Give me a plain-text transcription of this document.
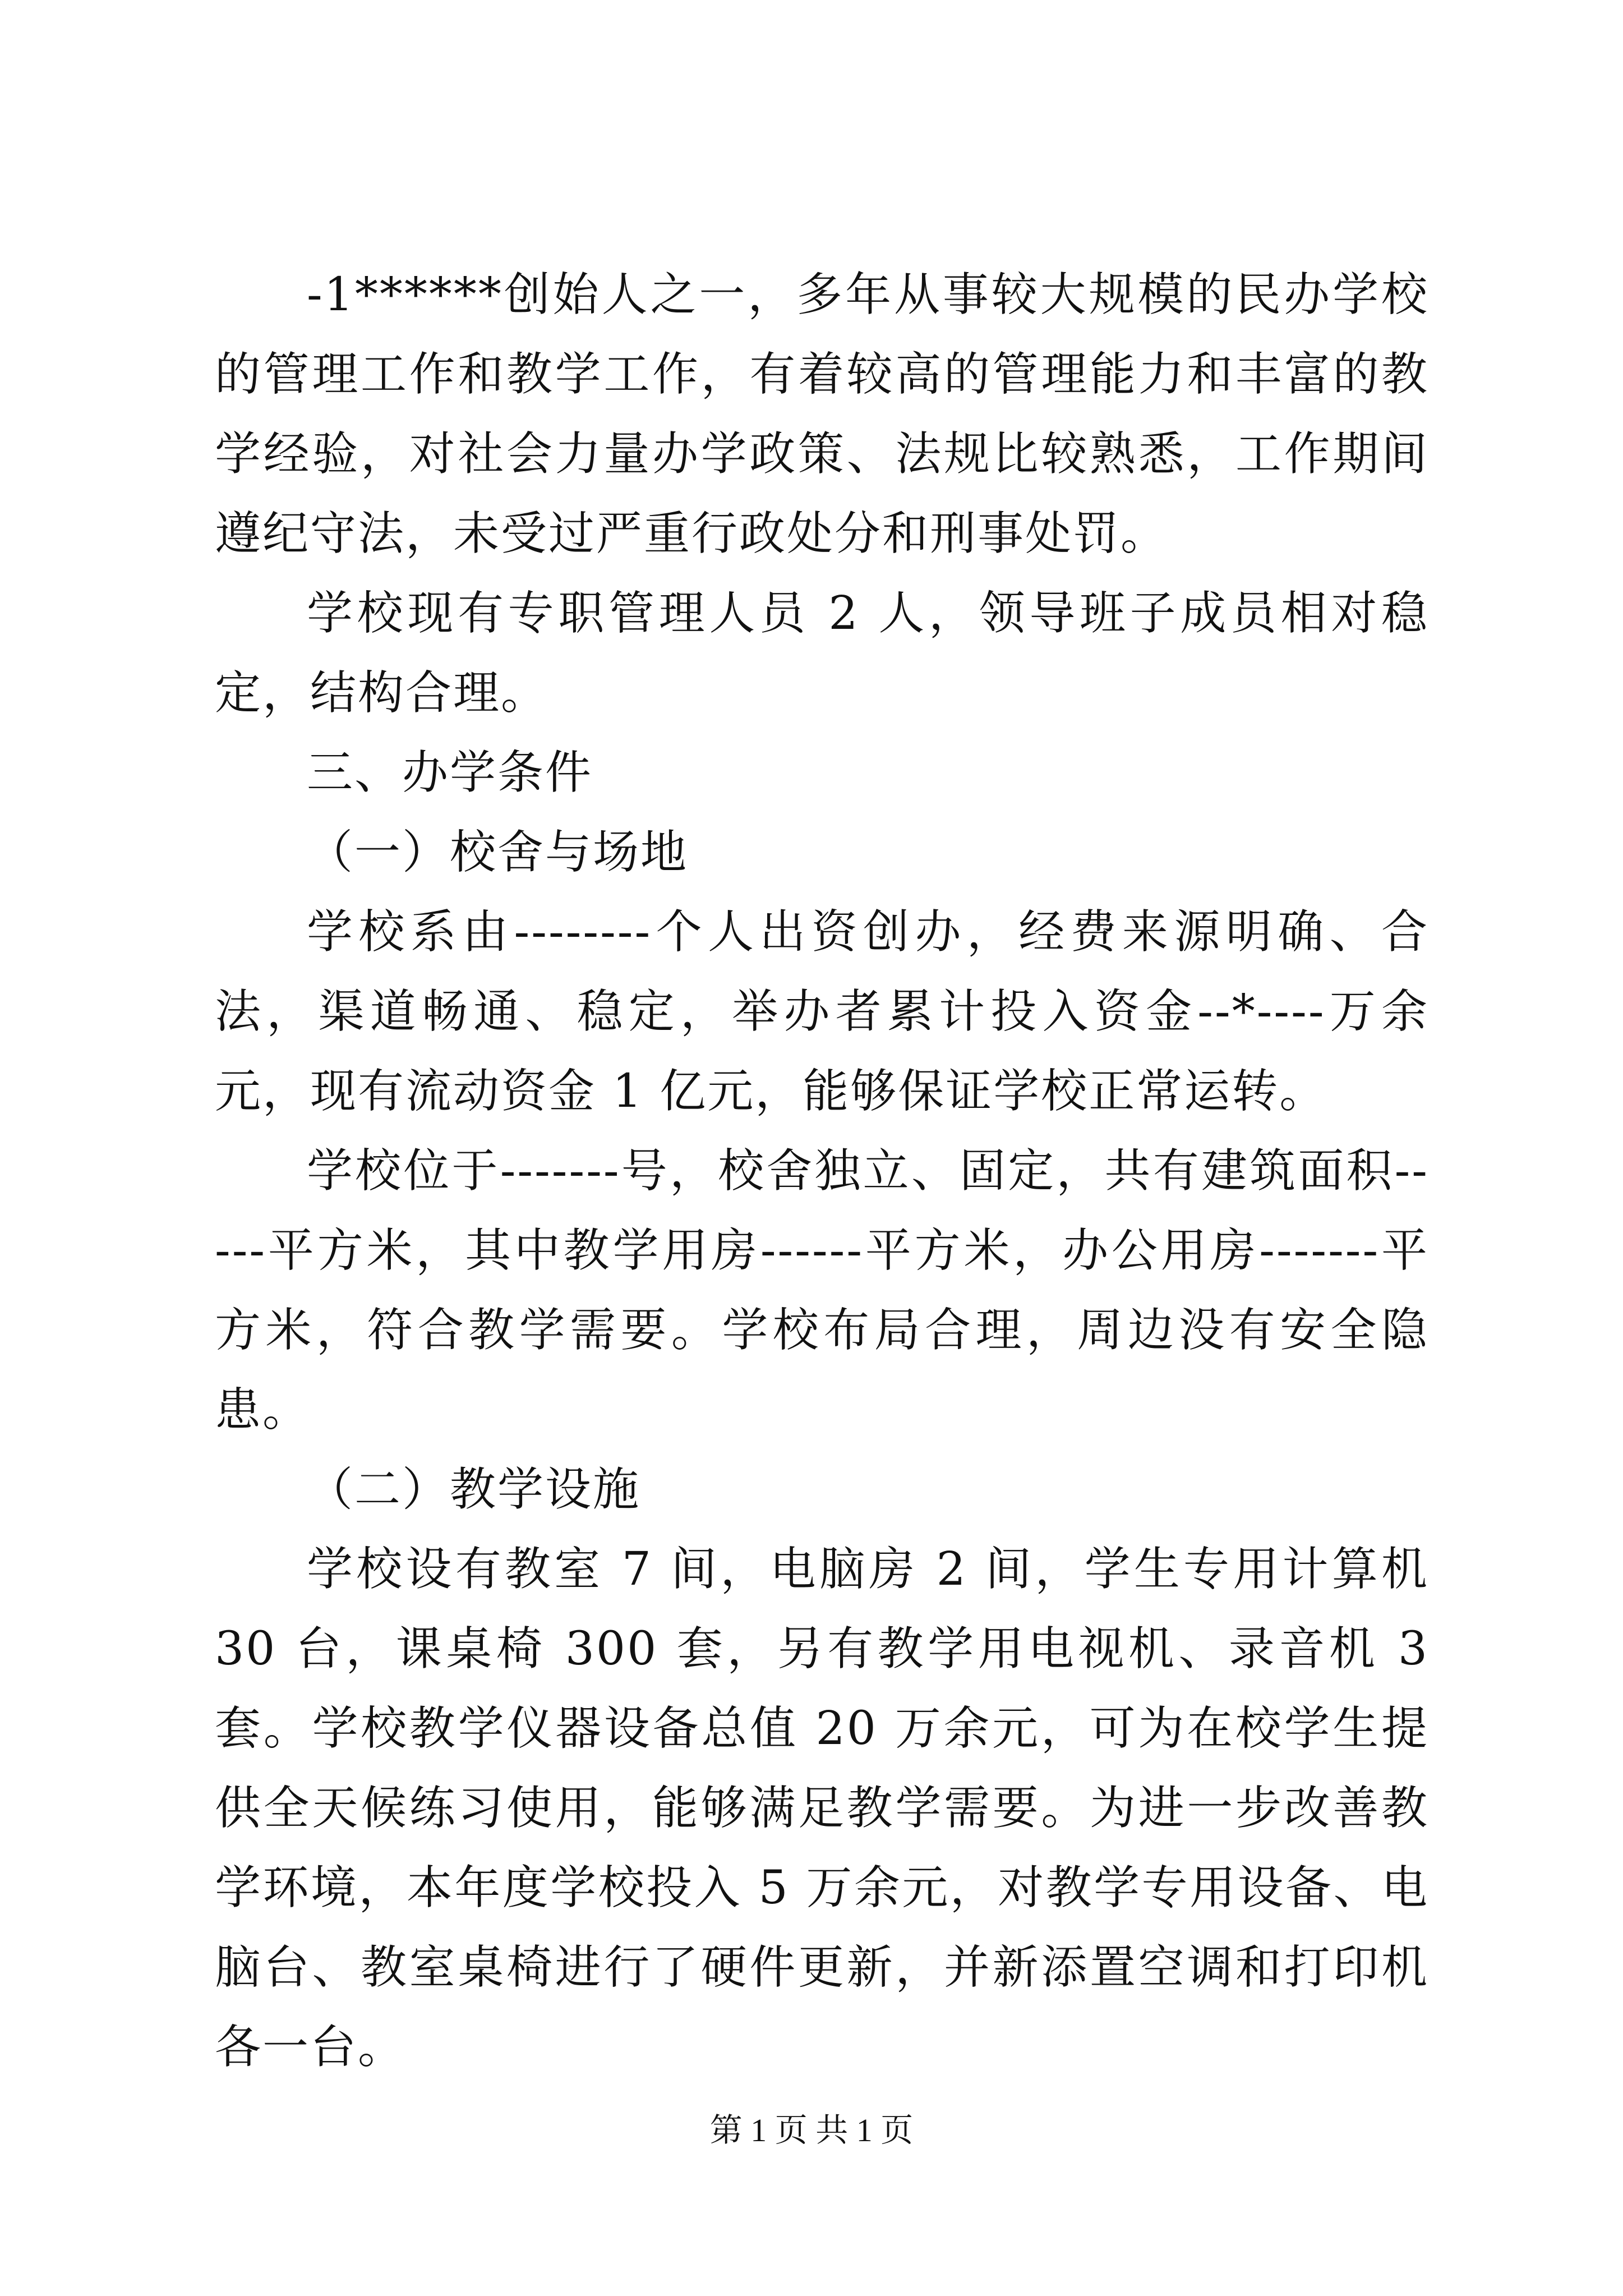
-1******创始人之一，多年从事较大规模的民办学校的管理工作和教学工作，有着较高的管理能力和丰富的教学经验，对社会力量办学政策、法规比较熟悉，工作期间遵纪守法，未受过严重行政处分和刑事处罚。

学校现有专职管理人员 2 人，领导班子成员相对稳定，结构合理。

三、办学条件

（一）校舍与场地

学校系由--------个人出资创办，经费来源明确、合法，渠道畅通、稳定，举办者累计投入资金--*----万余元，现有流动资金 1 亿元，能够保证学校正常运转。

学校位于-------号，校舍独立、固定，共有建筑面积-----平方米，其中教学用房------平方米，办公用房-------平方米，符合教学需要。学校布局合理，周边没有安全隐患。

（二）教学设施

学校设有教室 7 间，电脑房 2 间，学生专用计算机 30 台，课桌椅 300 套，另有教学用电视机、录音机 3 套。学校教学仪器设备总值 20 万余元，可为在校学生提供全天候练习使用，能够满足教学需要。为进一步改善教学环境，本年度学校投入 5 万余元，对教学专用设备、电脑台、教室桌椅进行了硬件更新，并新添置空调和打印机各一台。

第 1 页 共 1 页
